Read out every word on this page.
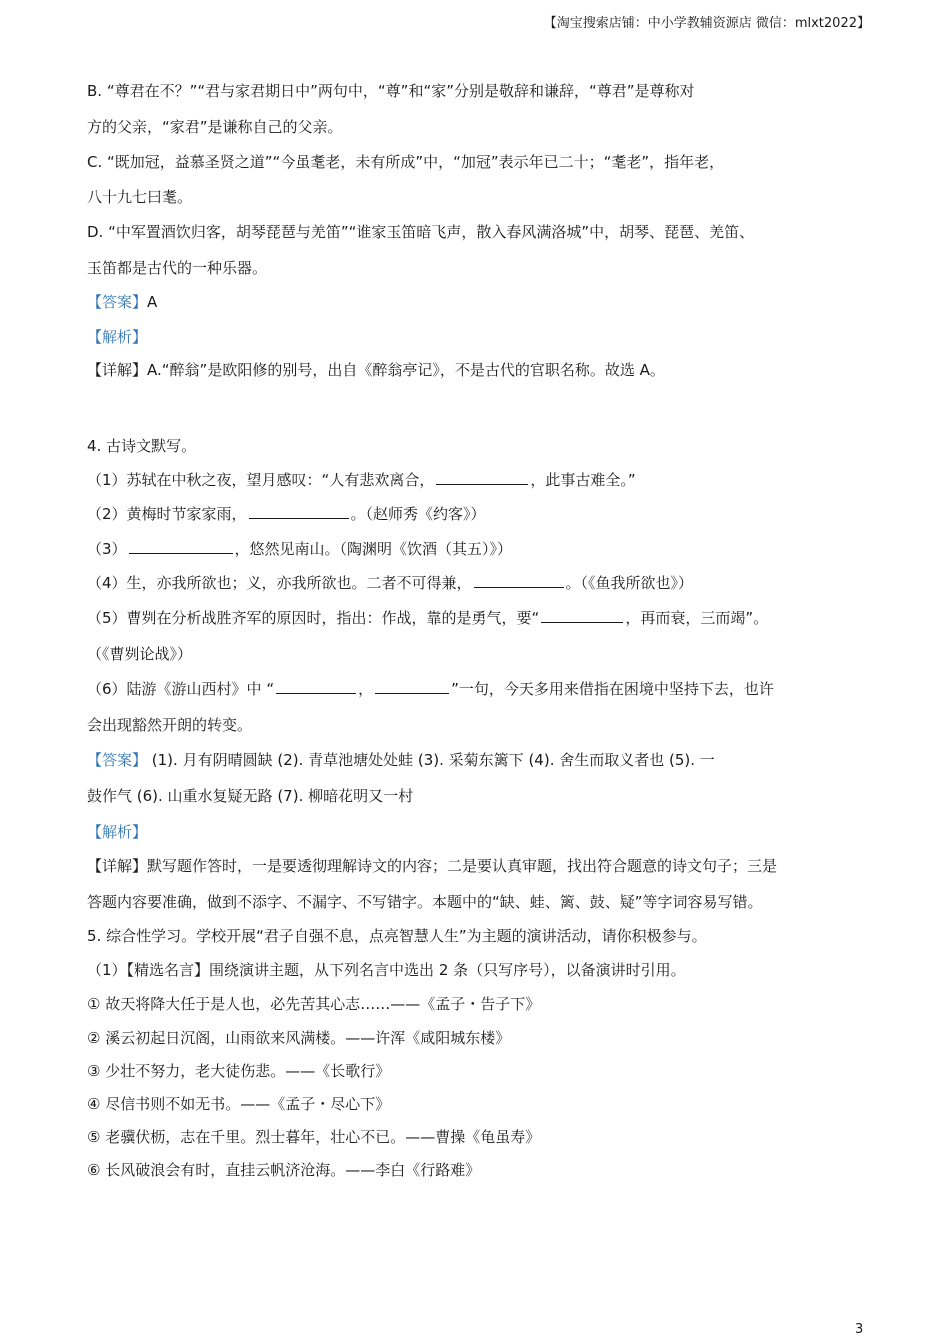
【淘宝搜索店铺：中小学教辅资源店 微信：mlxt2022】
B. “尊君在不？”“君与家君期日中”两句中，“尊”和“家”分别是敬辞和谦辞，“尊君”是尊称对
方的父亲，“家君”是谦称自己的父亲。
C. “既加冠，益慕圣贤之道”“今虽耄老，未有所成”中，“加冠”表示年已二十；“耄老”，指年老，
八十九七曰耄。
D. “中军置酒饮归客，胡琴琵琶与羌笛”“谁家玉笛暗飞声，散入春风满洛城”中，胡琴、琵琶、羌笛、
玉笛都是古代的一种乐器。
【答案】A
【解析】
【详解】A.“醉翁”是欧阳修的别号，出自《醉翁亭记》，不是古代的官职名称。故选 A。
4. 古诗文默写。
（1）苏轼在中秋之夜，望月感叹：“人有悲欢离合，	，此事古难全。”
（2）黄梅时节家家雨，	。（赵师秀《约客》）
（3）	，悠然见南山。（陶渊明《饮酒（其五）》）
（4）生，亦我所欲也；义，亦我所欲也。二者不可得兼，	。（《鱼我所欲也》）
（5）曹刿在分析战胜齐军的原因时，指出：作战，靠的是勇气，要“	，再而衰，三而竭”。
（《曹刿论战》）
（6）陆游《游山西村》中 “	，	”一句，今天多用来借指在困境中坚持下去，也许
会出现豁然开朗的转变。
【答案】 (1). 月有阴晴圆缺 (2). 青草池塘处处蛙 (3). 采菊东篱下 (4). 舍生而取义者也 (5). 一
鼓作气 (6). 山重水复疑无路 (7). 柳暗花明又一村
【解析】
【详解】默写题作答时，一是要透彻理解诗文的内容；二是要认真审题，找出符合题意的诗文句子；三是
答题内容要准确，做到不添字、不漏字、不写错字。本题中的“缺、蛙、篱、鼓、疑”等字词容易写错。
5. 综合性学习。学校开展“君子自强不息，点亮智慧人生”为主题的演讲活动，请你积极参与。
（1）【精选名言】围绕演讲主题，从下列名言中选出 2 条（只写序号），以备演讲时引用。
① 故天将降大任于是人也，必先苦其心志……——《孟子・告子下》
② 溪云初起日沉阁，山雨欲来风满楼。——许浑《咸阳城东楼》
③ 少壮不努力，老大徒伤悲。——《长歌行》
④ 尽信书则不如无书。——《孟子・尽心下》
⑤ 老骥伏枥，志在千里。烈士暮年，壮心不已。——曹操《龟虽寿》
⑥ 长风破浪会有时，直挂云帆济沧海。——李白《行路难》
3
